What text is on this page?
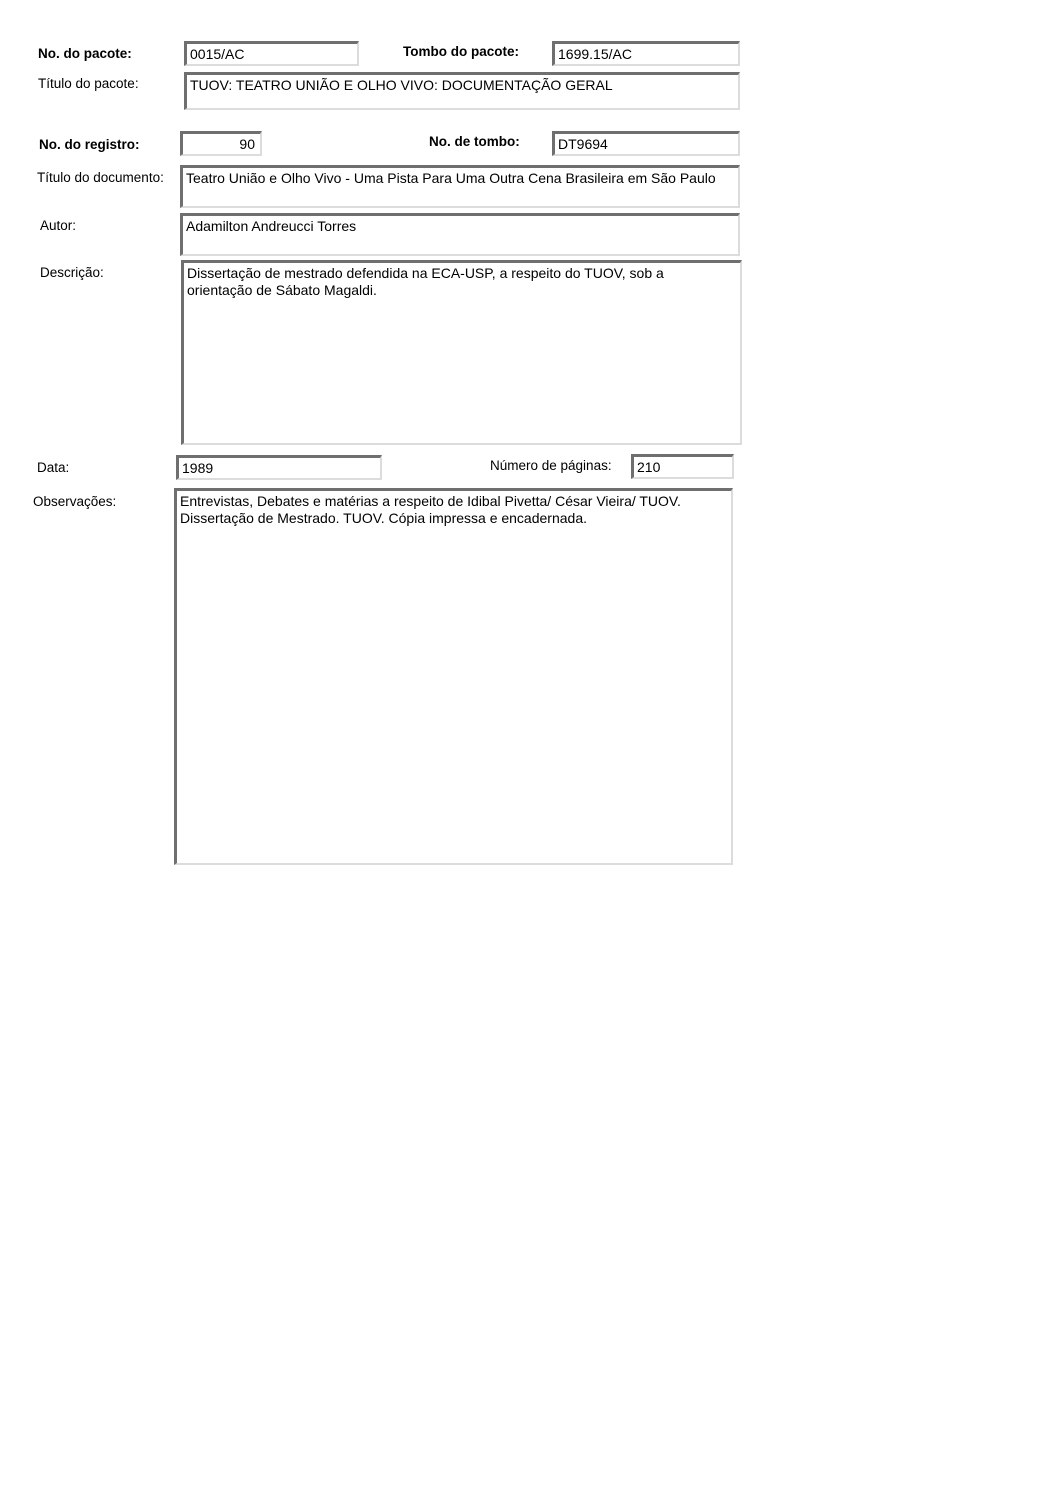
No. do pacote:	0015/AC	Tombo do pacote:	1699.15/AC
Título do pacote:	TUOV: TEATRO UNIÃO E OLHO VIVO: DOCUMENTAÇÃO GERAL
No. do registro:	90	No. de tombo:	DT9694
Título do documento:	Teatro União e Olho Vivo - Uma Pista Para Uma Outra Cena Brasileira em São Paulo
Autor:	Adamilton Andreucci Torres
Descrição:	Dissertação de mestrado defendida na ECA-USP, a respeito do TUOV, sob a
orientação de Sábato Magaldi.
Data:	1989	Número de páginas:	210
Observações:	Entrevistas, Debates e matérias a respeito de Idibal Pivetta/ César Vieira/ TUOV.
Dissertação de Mestrado. TUOV. Cópia impressa e encadernada.
